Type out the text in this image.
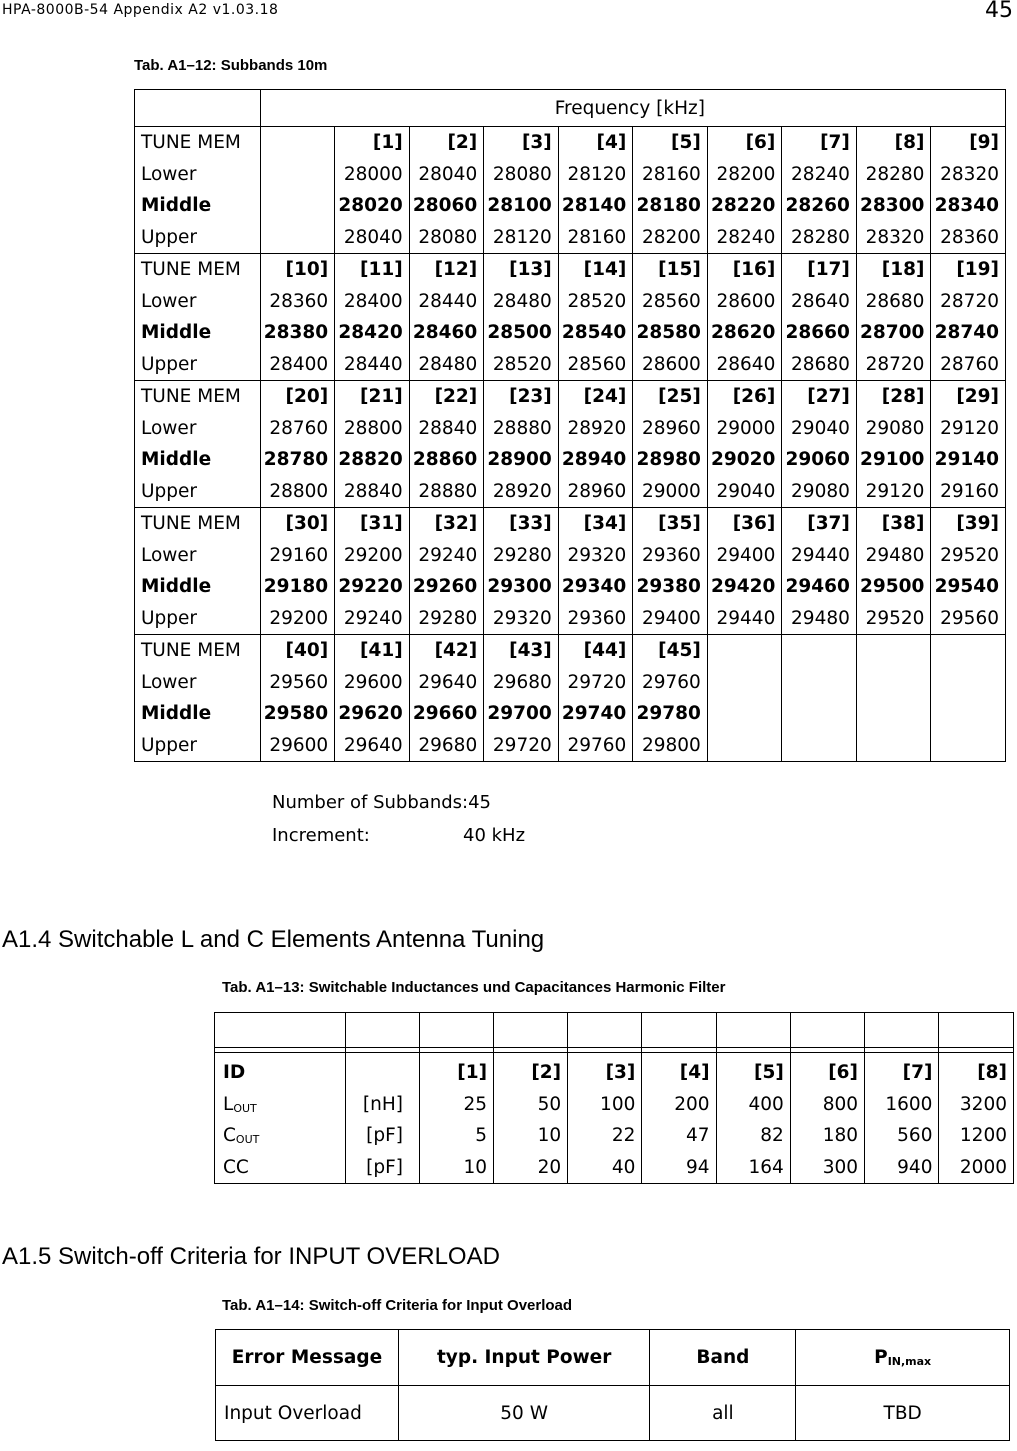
HPA-8000B-54 Appendix A2 v1.03.18	45
Tab. A1–12: Subbands 10m
	Frequency [kHz]									
TUNE MEM		[1]	[2]	[3]	[4]	[5]	[6]	[7]	[8]	[9]
Lower		28000	28040	28080	28120	28160	28200	28240	28280	28320
Middle		28020	28060	28100	28140	28180	28220	28260	28300	28340
Upper		28040	28080	28120	28160	28200	28240	28280	28320	28360
TUNE MEM	[10]	[11]	[12]	[13]	[14]	[15]	[16]	[17]	[18]	[19]
Lower	28360	28400	28440	28480	28520	28560	28600	28640	28680	28720
Middle	28380	28420	28460	28500	28540	28580	28620	28660	28700	28740
Upper	28400	28440	28480	28520	28560	28600	28640	28680	28720	28760
TUNE MEM	[20]	[21]	[22]	[23]	[24]	[25]	[26]	[27]	[28]	[29]
Lower	28760	28800	28840	28880	28920	28960	29000	29040	29080	29120
Middle	28780	28820	28860	28900	28940	28980	29020	29060	29100	29140
Upper	28800	28840	28880	28920	28960	29000	29040	29080	29120	29160
TUNE MEM	[30]	[31]	[32]	[33]	[34]	[35]	[36]	[37]	[38]	[39]
Lower	29160	29200	29240	29280	29320	29360	29400	29440	29480	29520
Middle	29180	29220	29260	29300	29340	29380	29420	29460	29500	29540
Upper	29200	29240	29280	29320	29360	29400	29440	29480	29520	29560
TUNE MEM	[40]	[41]	[42]	[43]	[44]	[45]				
Lower	29560	29600	29640	29680	29720	29760				
Middle	29580	29620	29660	29700	29740	29780				
Upper	29600	29640	29680	29720	29760	29800				
Number of Subbands:45
Increment:	40 kHz
A1.4 Switchable L and C Elements Antenna Tuning
Tab. A1–13: Switchable Inductances und Capacitances Harmonic Filter

ID		[1]	[2]	[3]	[4]	[5]	[6]	[7]	[8]
$L_{OUT}$	[nH]	25	50	100	200	400	800	1600	3200
$C_{OUT}$	[pF]	5	10	22	47	82	180	560	1200
CC	[pF]	10	20	40	94	164	300	940	2000
A1.5 Switch-off Criteria for INPUT OVERLOAD
Tab. A1–14: Switch-off Criteria for Input Overload
Error Message	typ. Input Power	Band	$P_{IN,max}$
Input Overload	50 W	all	TBD
